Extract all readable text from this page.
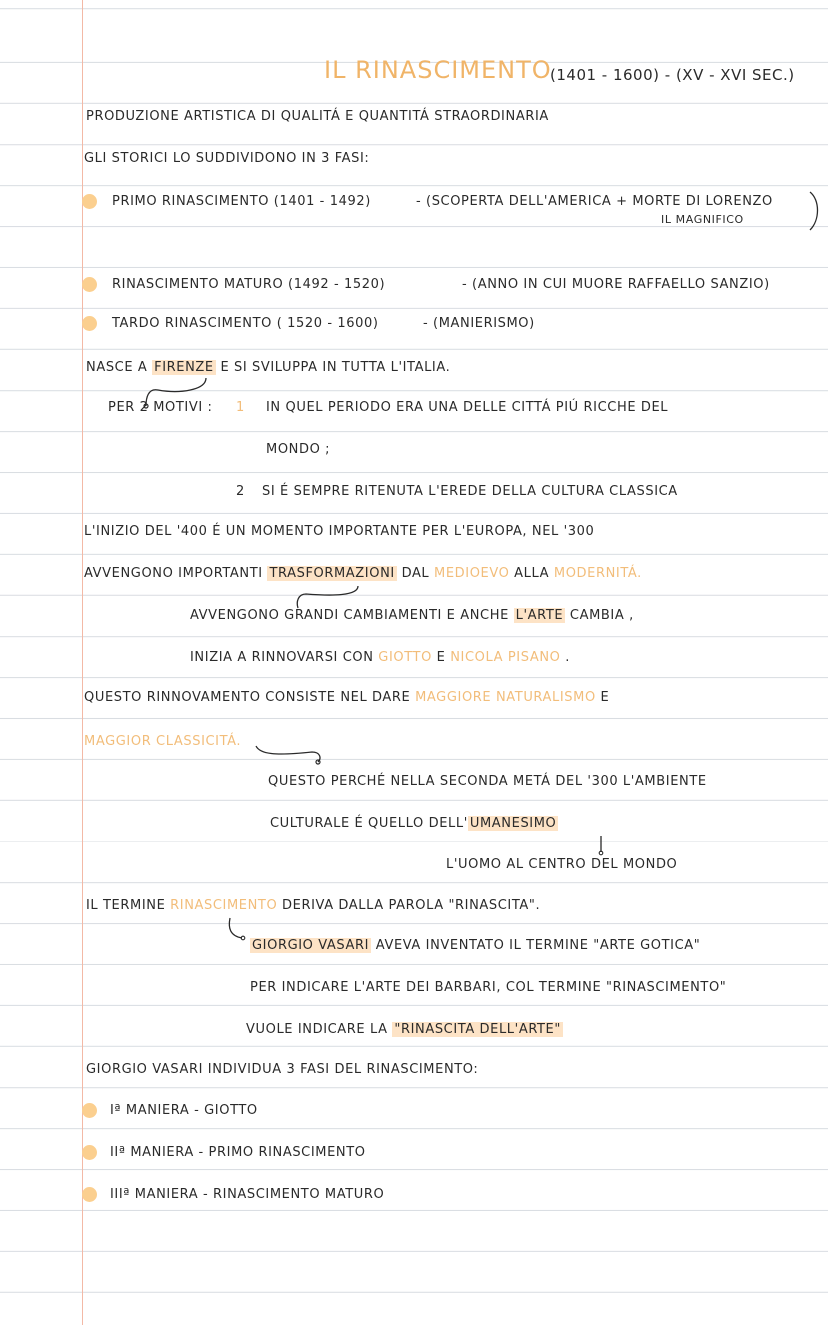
IL RINASCIMENTO
(1401 - 1600) - (XV - XVI SEC.)
PRODUZIONE ARTISTICA DI QUALITÁ E QUANTITÁ STRAORDINARIA
GLI STORICI LO SUDDIVIDONO IN 3 FASI:
PRIMO RINASCIMENTO (1401 - 1492)	- (SCOPERTA DELL'AMERICA + MORTE DI LORENZO
IL MAGNIFICO
RINASCIMENTO MATURO (1492 - 1520)	- (ANNO IN CUI MUORE RAFFAELLO SANZIO)
TARDO RINASCIMENTO ( 1520 - 1600)	- (MANIERISMO)
NASCE A FIRENZE E SI SVILUPPA IN TUTTA L'ITALIA.
PER 2 MOTIVI : 1 IN QUEL PERIODO ERA UNA DELLE CITTÁ PIÚ RICCHE DEL
MONDO ;
2 SI É SEMPRE RITENUTA L'EREDE DELLA CULTURA CLASSICA
L'INIZIO DEL '400 É UN MOMENTO IMPORTANTE PER L'EUROPA, NEL '300
AVVENGONO IMPORTANTI TRASFORMAZIONI DAL MEDIOEVO ALLA MODERNITÁ.
AVVENGONO GRANDI CAMBIAMENTI E ANCHE L'ARTE CAMBIA ,
INIZIA A RINNOVARSI CON GIOTTO E NICOLA PISANO .
QUESTO RINNOVAMENTO CONSISTE NEL DARE MAGGIORE NATURALISMO E
MAGGIOR CLASSICITÁ.
QUESTO PERCHÉ NELLA SECONDA METÁ DEL '300 L'AMBIENTE
CULTURALE É QUELLO DELL' UMANESIMO
L'UOMO AL CENTRO DEL MONDO
IL TERMINE RINASCIMENTO DERIVA DALLA PAROLA "RINASCITA".
GIORGIO VASARI AVEVA INVENTATO IL TERMINE "ARTE GOTICA"
PER INDICARE L'ARTE DEI BARBARI, COL TERMINE "RINASCIMENTO"
VUOLE INDICARE LA "RINASCITA DELL'ARTE"
GIORGIO VASARI INDIVIDUA 3 FASI DEL RINASCIMENTO:
Iª MANIERA - GIOTTO
IIª MANIERA - PRIMO RINASCIMENTO
IIIª MANIERA - RINASCIMENTO MATURO
